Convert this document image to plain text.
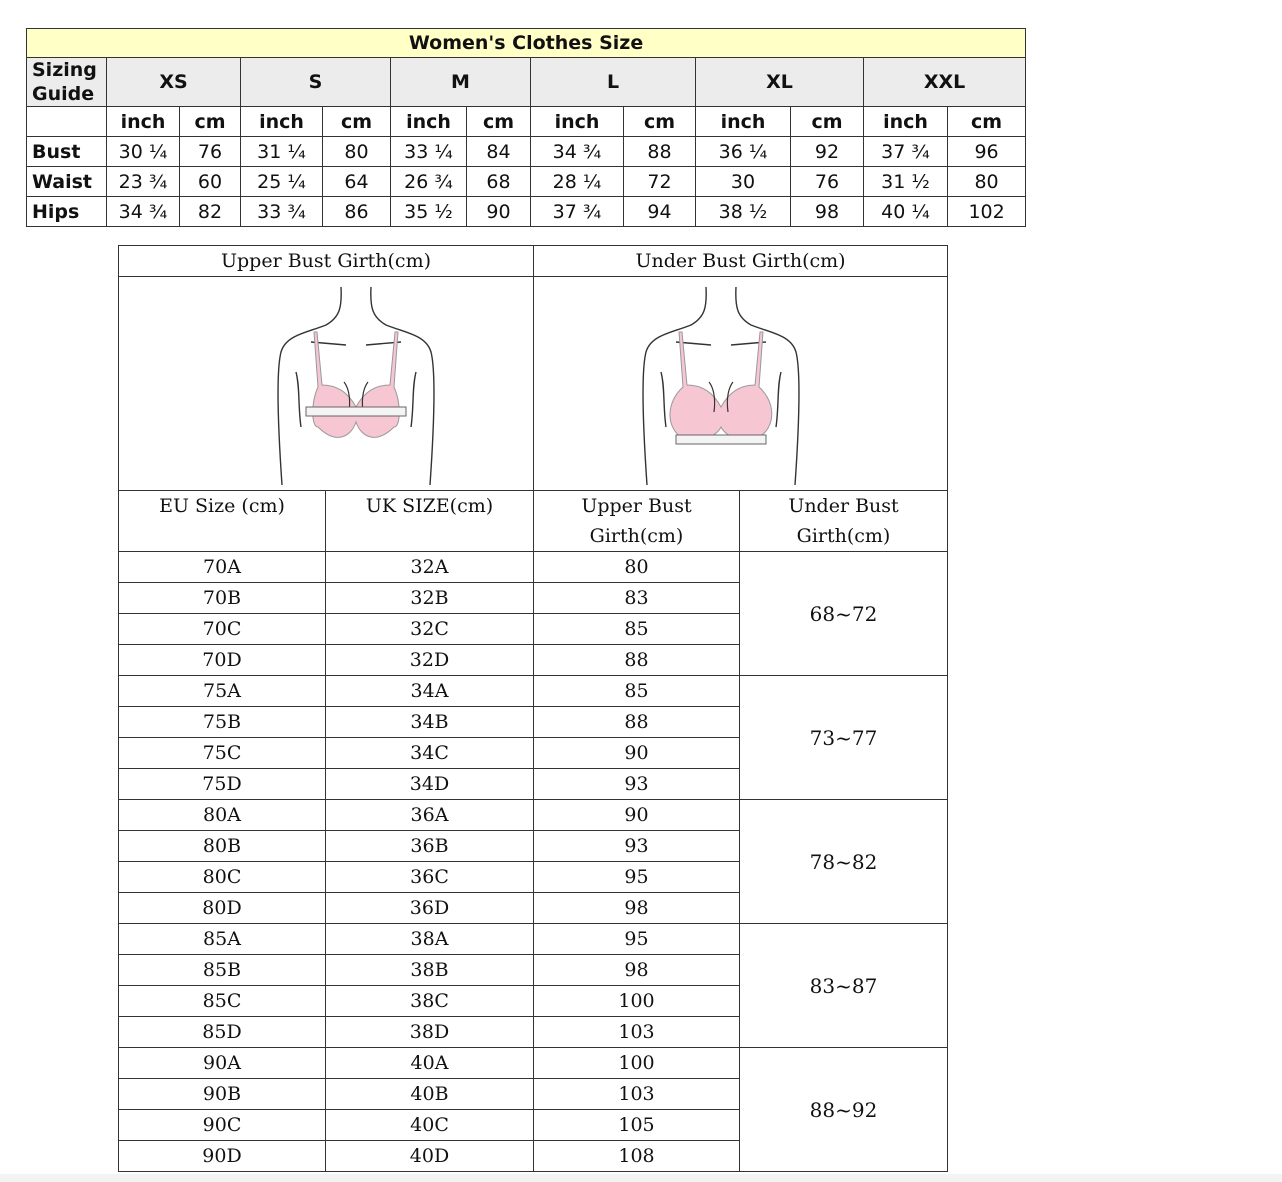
Women's Clothes Size												
Sizing Guide	XS		S		M		L		XL		XXL	
	inch	cm	inch	cm	inch	cm	inch	cm	inch	cm	inch	cm
Bust	30 ¼	76	31 ¼	80	33 ¼	84	34 ¾	88	36 ¼	92	37 ¾	96
Waist	23 ¾	60	25 ¼	64	26 ¾	68	28 ¼	72	30	76	31 ½	80
Hips	34 ¾	82	33 ¾	86	35 ½	90	37 ¾	94	38 ½	98	40 ¼	102
Upper Bust Girth(cm)		Under Bust Girth(cm)	

EU Size (cm)	UK SIZE(cm)	Upper Bust Girth(cm)	Under Bust Girth(cm)
70A	32A	80	68~72
70B	32B	83	
70C	32C	85	
70D	32D	88	
75A	34A	85	73~77
75B	34B	88	
75C	34C	90	
75D	34D	93	
80A	36A	90	78~82
80B	36B	93	
80C	36C	95	
80D	36D	98	
85A	38A	95	83~87
85B	38B	98	
85C	38C	100	
85D	38D	103	
90A	40A	100	88~92
90B	40B	103	
90C	40C	105	
90D	40D	108	
